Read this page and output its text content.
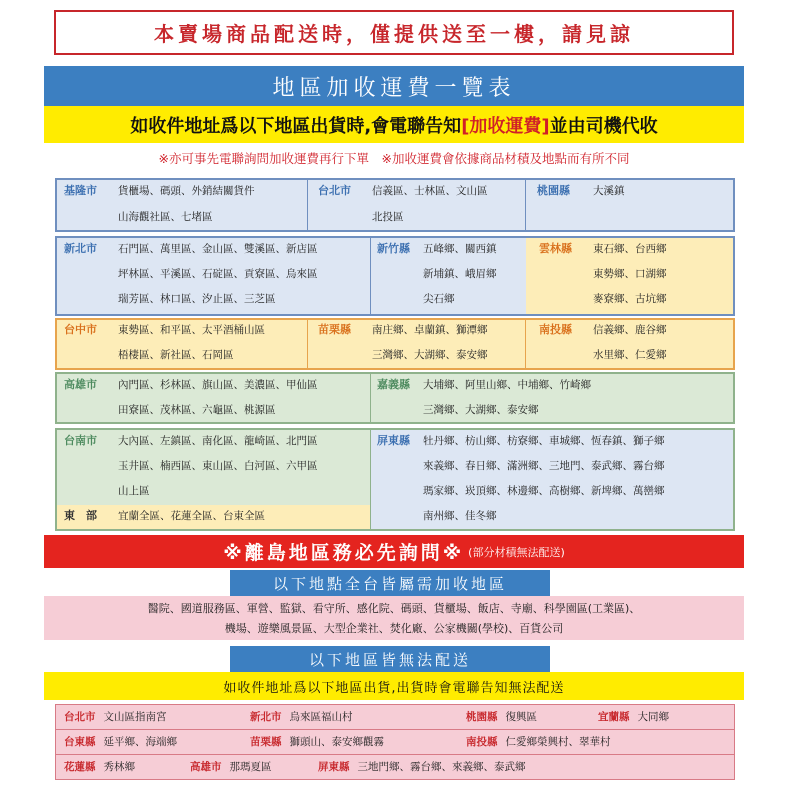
本賣場商品配送時，僅提供送至一樓，請見諒
地區加收運費一覽表
如收件地址爲以下地區出貨時,會電聯告知 [加收運費] 並由司機代收
※亦可事先電聯詢問加收運費再行下單　※加收運費會依據商品材積及地點而有所不同
基隆市 貨櫃場、碼頭、外銷結關貨件
山海觀社區、七堵區
台北市 信義區、士林區、文山區
北投區
桃園縣 大溪鎮
新北市 石門區、萬里區、金山區、雙溪區、新店區
坪林區、平溪區、石碇區、貢寮區、烏來區
瑞芳區、林口區、汐止區、三芝區
新竹縣 五峰鄉、關西鎮
新埔鎮、峨眉鄉
尖石鄉
雲林縣 東石鄉、台西鄉
東勢鄉、口湖鄉
麥寮鄉、古坑鄉
台中市 東勢區、和平區、太平酒桶山區
梧棲區、新社區、石岡區
苗栗縣 南庄鄉、卓蘭鎮、獅潭鄉
三灣鄉、大湖鄉、泰安鄉
南投縣 信義鄉、鹿谷鄉
水里鄉、仁愛鄉
高雄市 內門區、杉林區、旗山區、美濃區、甲仙區
田寮區、茂林區、六龜區、桃源區
嘉義縣 大埔鄉、阿里山鄉、中埔鄉、竹崎鄉
三灣鄉、大湖鄉、泰安鄉
台南市 大內區、左鎮區、南化區、龍崎區、北門區
玉井區、楠西區、東山區、白河區、六甲區
山上區
東　部 宜蘭全區、花蓮全區、台東全區
屏東縣 牡丹鄉、枋山鄉、枋寮鄉、車城鄉、恆春鎮、獅子鄉
來義鄉、春日鄉、滿洲鄉、三地門、泰武鄉、霧台鄉
瑪家鄉、崁頂鄉、林邊鄉、高樹鄉、新埤鄉、萬巒鄉
南州鄉、佳冬鄉
※離島地區務必先詢問※ (部分材積無法配送)
以下地點全台皆屬需加收地區
醫院、國道服務區、軍營、監獄、看守所、感化院、碼頭、貨櫃場、飯店、寺廟、科學園區(工業區)、
機場、遊樂風景區、大型企業社、焚化廠、公家機關(學校)、百貨公司
以下地區皆無法配送
如收件地址爲以下地區出貨,出貨時會電聯告知無法配送
台北市 文山區指南宮	新北市 烏來區福山村	桃園縣 復興區	宜蘭縣 大同鄉
台東縣 延平鄉、海端鄉	苗栗縣 獅頭山、泰安鄉觀霧	南投縣 仁愛鄉榮興村、翠華村
花蓮縣 秀林鄉	高雄市 那瑪夏區	屏東縣 三地門鄉、霧台鄉、來義鄉、泰武鄉
